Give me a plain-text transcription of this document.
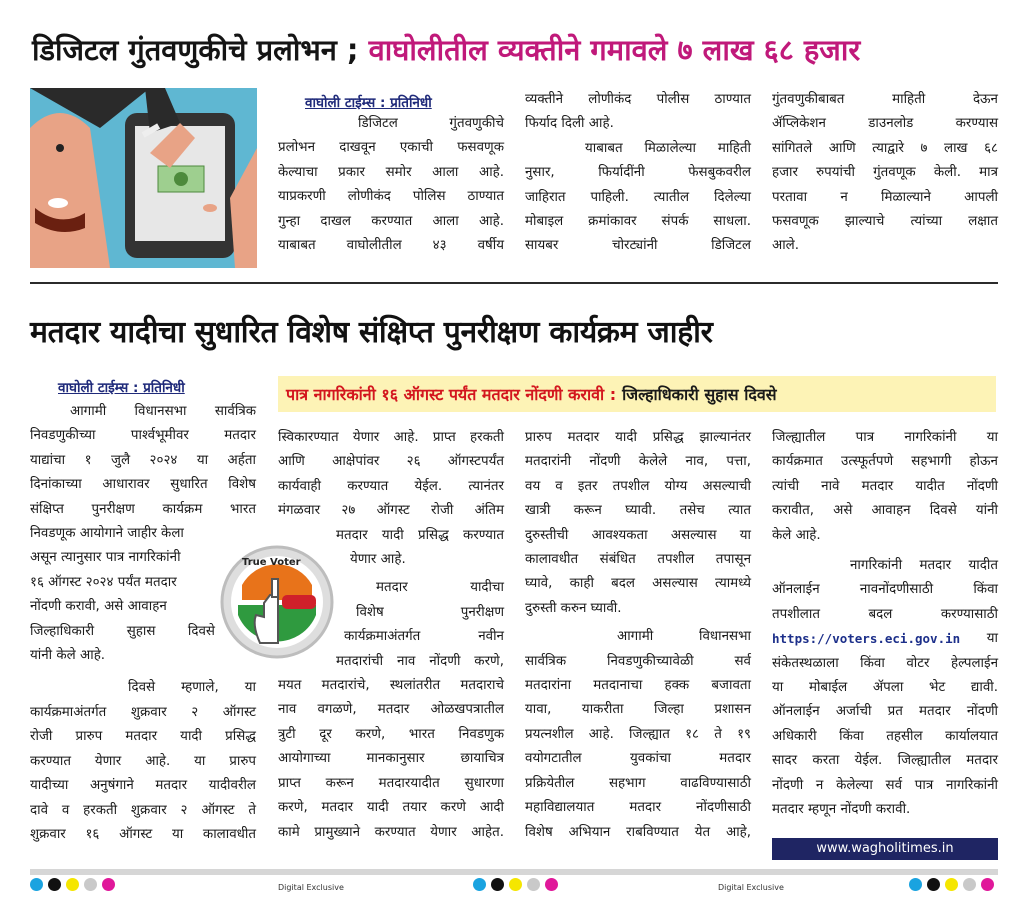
डिजिटल गुंतवणुकीचे प्रलोभन ; वाघोलीतील व्यक्तीने गमावले ७ लाख ६८ हजार
वाघोली टाईम्स : प्रतिनिधी
डिजिटल गुंतवणुकीचे
प्रलोभन दाखवून एकाची फसवणूक
केल्याचा प्रकार समोर आला आहे.
याप्रकरणी लोणीकंद पोलिस ठाण्यात
गुन्हा दाखल करण्यात आला आहे.
याबाबत वाघोलीतील ४३ वर्षीय
व्यक्तीने लोणीकंद पोलीस ठाण्यात
फिर्याद दिली आहे.
याबाबत मिळालेल्या माहिती
नुसार, फिर्यादींनी फेसबुकवरील
जाहिरात पाहिली. त्यातील दिलेल्या
मोबाइल क्रमांकावर संपर्क साधला.
सायबर चोरट्यांनी डिजिटल
गुंतवणुकीबाबत माहिती देऊन
ॲप्लिकेशन डाउनलोड करण्यास
सांगितले आणि त्याद्वारे ७ लाख ६८
हजार रुपयांची गुंतवणूक केली. मात्र
परतावा न मिळाल्याने आपली
फसवणूक झाल्याचे त्यांच्या लक्षात
आले.
मतदार यादीचा सुधारित विशेष संक्षिप्त पुनरीक्षण कार्यक्रम जाहीर
वाघोली टाईम्स : प्रतिनिधी	पात्र नागरिकांनी १६ ऑगस्ट पर्यंत मतदार नोंदणी करावी : जिल्हाधिकारी सुहास दिवसे
आगामी विधानसभा सार्वत्रिक
निवडणुकीच्या पार्श्वभूमीवर मतदार
याद्यांचा १ जुलै २०२४ या अर्हता
दिनांकाच्या आधारावर सुधारित विशेष
संक्षिप्त पुनरीक्षण कार्यक्रम भारत
निवडणूक आयोगाने जाहीर केला
असून त्यानुसार पात्र नागरिकांनी
१६ ऑगस्ट २०२४ पर्यंत मतदार
नोंदणी करावी, असे आवाहन
जिल्हाधिकारी सुहास दिवसे
यांनी केले आहे.
दिवसे म्हणाले, या
कार्यक्रमाअंतर्गत शुक्रवार २ ऑगस्ट
रोजी प्रारुप मतदार यादी प्रसिद्ध
करण्यात येणार आहे. या प्रारुप
यादीच्या अनुषंगाने मतदार यादीवरील
दावे व हरकती शुक्रवार २ ऑगस्ट ते
शुक्रवार १६ ऑगस्ट या कालावधीत
True Voter
स्विकारण्यात येणार आहे. प्राप्त हरकती
आणि आक्षेपांवर २६ ऑगस्टपर्यंत
कार्यवाही करण्यात येईल. त्यानंतर
मंगळवार २७ ऑगस्ट रोजी अंतिम
मतदार यादी प्रसिद्ध करण्यात
येणार आहे.
मतदार यादीचा
विशेष पुनरीक्षण
कार्यक्रमाअंतर्गत नवीन
मतदारांची नाव नोंदणी करणे,
मयत मतदारांचे, स्थलांतरीत मतदाराचे
नाव वगळणे, मतदार ओळखपत्रातील
त्रुटी दूर करणे, भारत निवडणुक
आयोगाच्या मानकानुसार छायाचित्र
प्राप्त करून मतदारयादीत सुधारणा
करणे, मतदार यादी तयार करणे आदी
कामे प्रामुख्याने करण्यात येणार आहेत.
प्रारुप मतदार यादी प्रसिद्ध झाल्यानंतर
मतदारांनी नोंदणी केलेले नाव, पत्ता,
वय व इतर तपशील योग्य असल्याची
खात्री करून घ्यावी. तसेच त्यात
दुरुस्तीची आवश्यकता असल्यास या
कालावधीत संबंधित तपशील तपासून
घ्यावे, काही बदल असल्यास त्यामध्ये
दुरुस्ती करुन घ्यावी.
आगामी विधानसभा
सार्वत्रिक निवडणुकीच्यावेळी सर्व
मतदारांना मतदानाचा हक्क बजावता
यावा, याकरीता जिल्हा प्रशासन
प्रयत्नशील आहे. जिल्ह्यात १८ ते १९
वयोगटातील युवकांचा मतदार
प्रक्रियेतील सहभाग वाढविण्यासाठी
महाविद्यालयात मतदार नोंदणीसाठी
विशेष अभियान राबविण्यात येत आहे,
जिल्ह्यातील पात्र नागरिकांनी या
कार्यक्रमात उत्स्फूर्तपणे सहभागी होऊन
त्यांची नावे मतदार यादीत नोंदणी
करावीत, असे आवाहन दिवसे यांनी
केले आहे.
नागरिकांनी मतदार यादीत
ऑनलाईन नावनोंदणीसाठी किंवा
तपशीलात बदल करण्यासाठी
https://voters.eci.gov.in या
संकेतस्थळाला किंवा वोटर हेल्पलाईन
या मोबाईल ॲपला भेट द्यावी.
ऑनलाईन अर्जाची प्रत मतदार नोंदणी
अधिकारी किंवा तहसील कार्यालयात
सादर करता येईल. जिल्ह्यातील मतदार
नोंदणी न केलेल्या सर्व पात्र नागरिकांनी
मतदार म्हणून नोंदणी करावी.
www.wagholitimes.in
Digital Exclusive	Digital Exclusive
